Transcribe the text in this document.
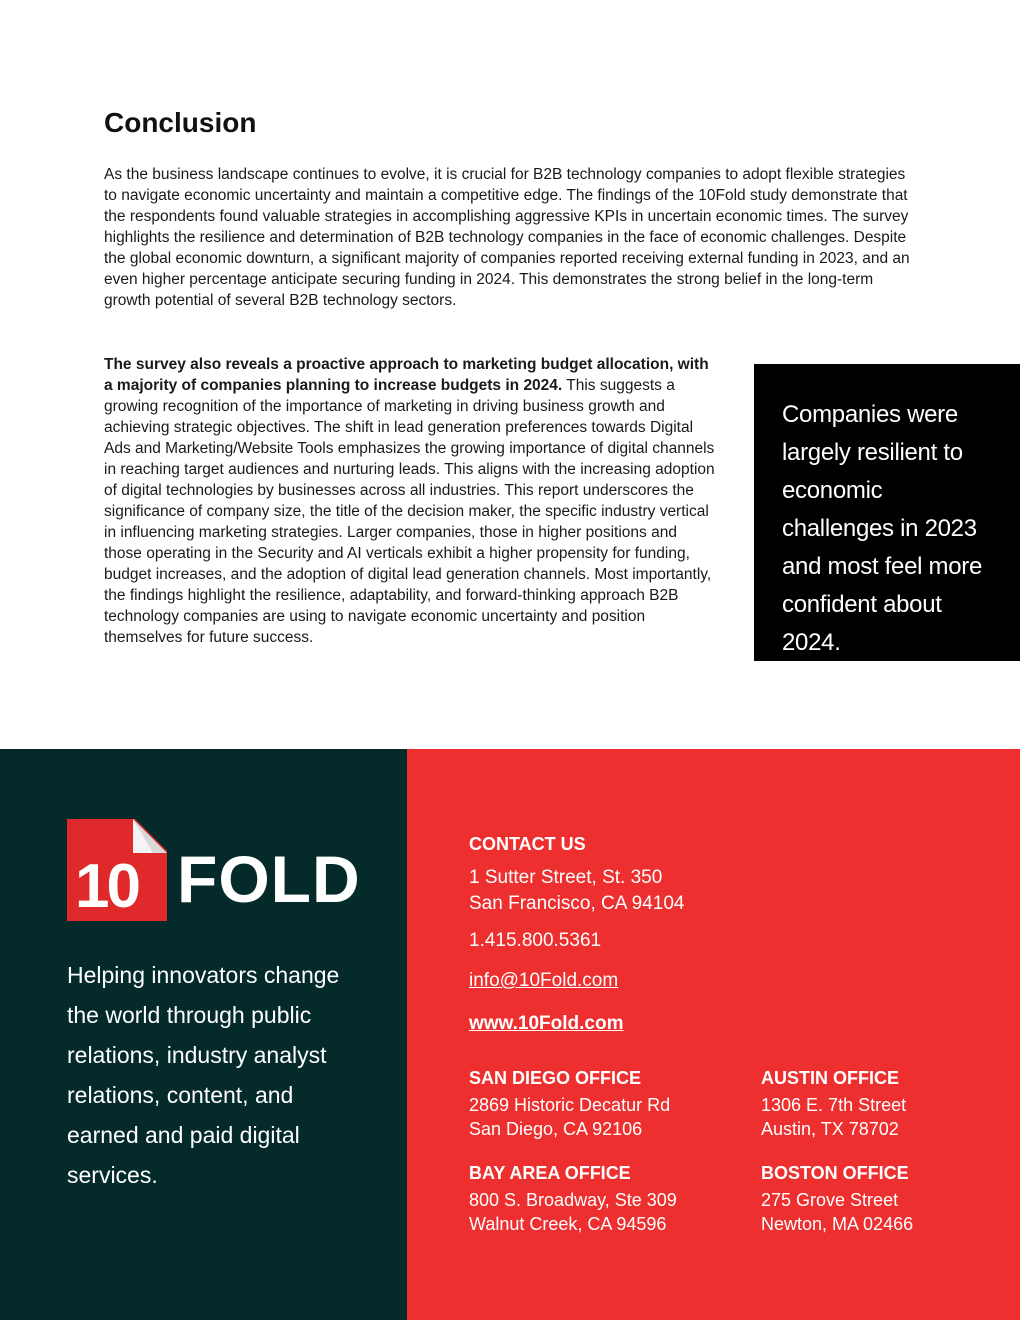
Conclusion

As the business landscape continues to evolve, it is crucial for B2B technology companies to adopt flexible strategies to navigate economic uncertainty and maintain a competitive edge. The findings of the 10Fold study demonstrate that the respondents found valuable strategies in accomplishing aggressive KPIs in uncertain economic times. The survey highlights the resilience and determination of B2B technology companies in the face of economic challenges. Despite the global economic downturn, a significant majority of companies reported receiving external funding in 2023, and an even higher percentage anticipate securing funding in 2024. This demonstrates the strong belief in the long-term growth potential of several B2B technology sectors.

The survey also reveals a proactive approach to marketing budget allocation, with a majority of companies planning to increase budgets in 2024. This suggests a growing recognition of the importance of marketing in driving business growth and achieving strategic objectives. The shift in lead generation preferences towards Digital Ads and Marketing/Website Tools emphasizes the growing importance of digital channels in reaching target audiences and nurturing leads. This aligns with the increasing adoption of digital technologies by businesses across all industries. This report underscores the significance of company size, the title of the decision maker, the specific industry vertical in influencing marketing strategies. Larger companies, those in higher positions and those operating in the Security and AI verticals exhibit a higher propensity for funding, budget increases, and the adoption of digital lead generation channels. Most importantly, the findings highlight the resilience, adaptability, and forward-thinking approach B2B technology companies are using to navigate economic uncertainty and position themselves for future success.

Companies were largely resilient to economic challenges in 2023 and most feel more confident about 2024.

10 FOLD

Helping innovators change the world through public relations, industry analyst relations, content, and earned and paid digital services.

CONTACT US

1 Sutter Street, St. 350
San Francisco, CA 94104

1.415.800.5361

info@10Fold.com
www.10Fold.com
SAN DIEGO OFFICE

2869 Historic Decatur Rd

San Diego, CA 92106

AUSTIN OFFICE

1306 E. 7th Street

Austin, TX 78702

BAY AREA OFFICE

800 S. Broadway, Ste 309

Walnut Creek, CA 94596

BOSTON OFFICE

275 Grove Street

Newton, MA 02466
